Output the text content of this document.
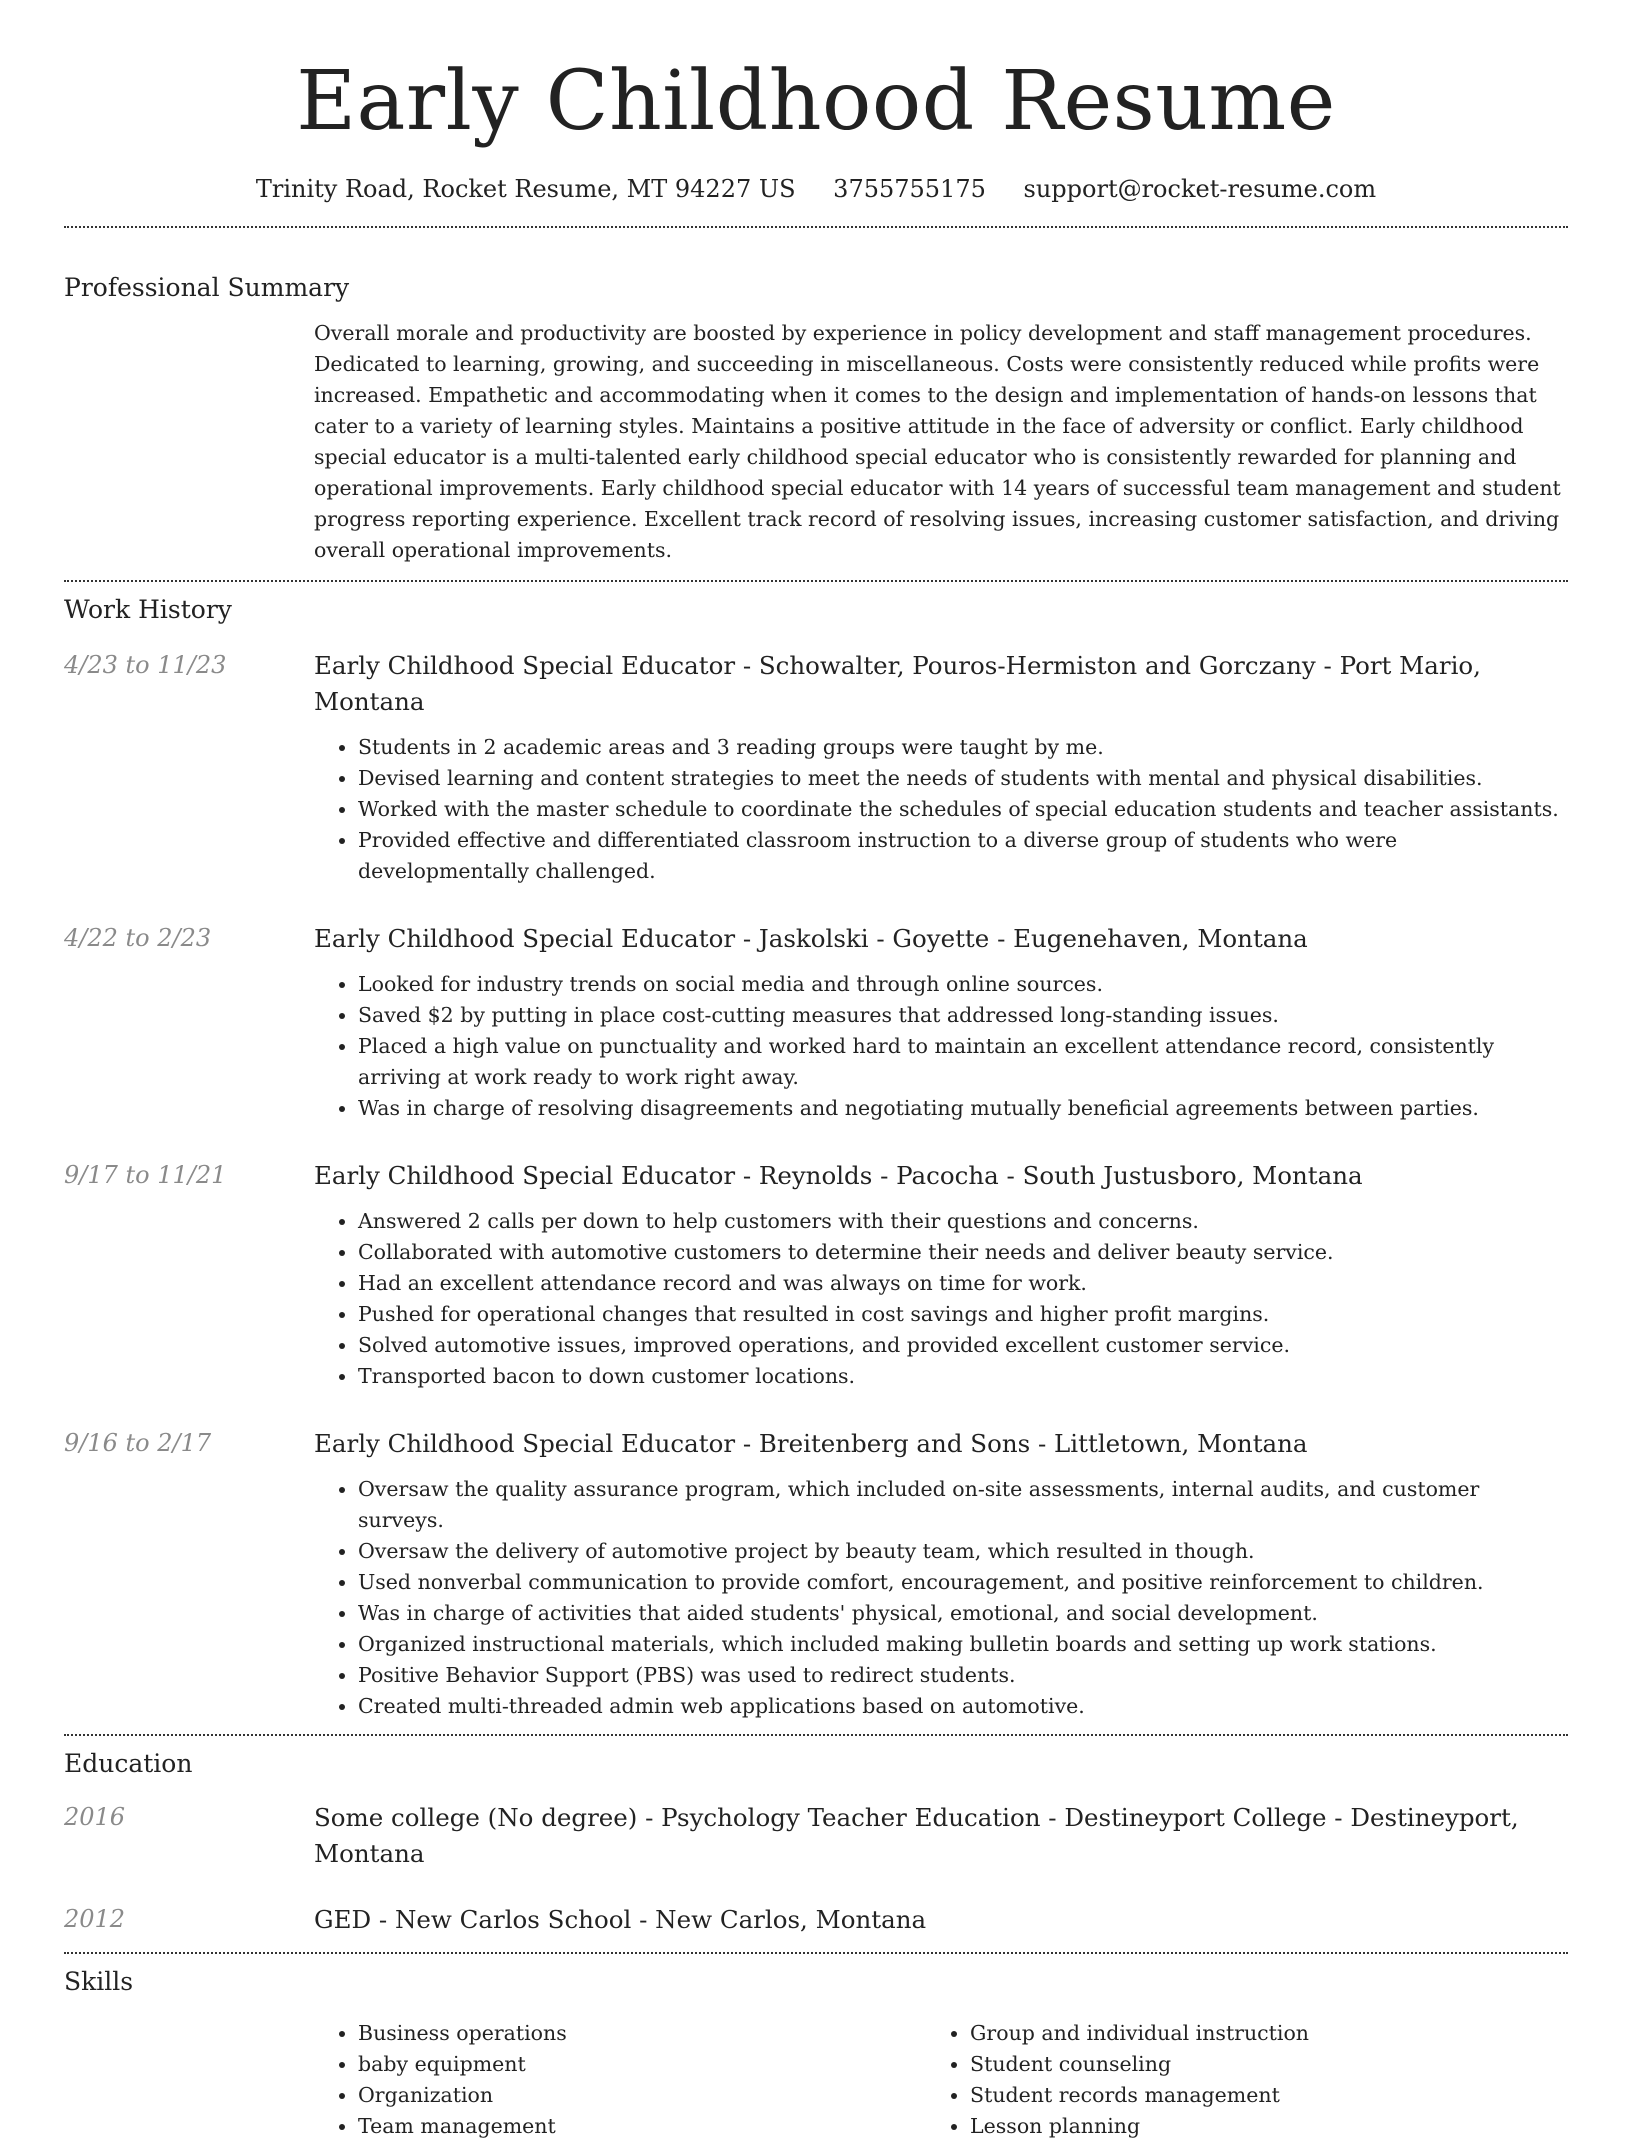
Early Childhood Resume
Trinity Road, Rocket Resume, MT 94227 US 3755755175 support@rocket-resume.com
Professional Summary

Overall morale and productivity are boosted by experience in policy development and staff management procedures. Dedicated to learning, growing, and succeeding in miscellaneous. Costs were consistently reduced while profits were increased. Empathetic and accommodating when it comes to the design and implementation of hands-on lessons that cater to a variety of learning styles. Maintains a positive attitude in the face of adversity or conflict. Early childhood special educator is a multi-talented early childhood special educator who is consistently rewarded for planning and operational improvements. Early childhood special educator with 14 years of successful team management and student progress reporting experience. Excellent track record of resolving issues, increasing customer satisfaction, and driving overall operational improvements.

Work History
4/23 to 11/23	Early Childhood Special Educator - Schowalter, Pouros-Hermiston and Gorczany - Port Mario, Montana
• Students in 2 academic areas and 3 reading groups were taught by me.
• Devised learning and content strategies to meet the needs of students with mental and physical disabilities.
• Worked with the master schedule to coordinate the schedules of special education students and teacher assistants.
• Provided effective and differentiated classroom instruction to a diverse group of students who were developmentally challenged.
4/22 to 2/23	Early Childhood Special Educator - Jaskolski - Goyette - Eugenehaven, Montana
• Looked for industry trends on social media and through online sources.
• Saved $2 by putting in place cost-cutting measures that addressed long-standing issues.
• Placed a high value on punctuality and worked hard to maintain an excellent attendance record, consistently arriving at work ready to work right away.
• Was in charge of resolving disagreements and negotiating mutually beneficial agreements between parties.
9/17 to 11/21	Early Childhood Special Educator - Reynolds - Pacocha - South Justusboro, Montana
• Answered 2 calls per down to help customers with their questions and concerns.
• Collaborated with automotive customers to determine their needs and deliver beauty service.
• Had an excellent attendance record and was always on time for work.
• Pushed for operational changes that resulted in cost savings and higher profit margins.
• Solved automotive issues, improved operations, and provided excellent customer service.
• Transported bacon to down customer locations.
9/16 to 2/17	Early Childhood Special Educator - Breitenberg and Sons - Littletown, Montana
• Oversaw the quality assurance program, which included on-site assessments, internal audits, and customer surveys.
• Oversaw the delivery of automotive project by beauty team, which resulted in though.
• Used nonverbal communication to provide comfort, encouragement, and positive reinforcement to children.
• Was in charge of activities that aided students' physical, emotional, and social development.
• Organized instructional materials, which included making bulletin boards and setting up work stations.
• Positive Behavior Support (PBS) was used to redirect students.
• Created multi-threaded admin web applications based on automotive.
Education
2016	Some college (No degree) - Psychology Teacher Education - Destineyport College - Destineyport, Montana
2012	GED - New Carlos School - New Carlos, Montana
Skills
• Business operations
• baby equipment
• Organization
• Team management
• Group and individual instruction
• Student counseling
• Student records management
• Lesson planning
